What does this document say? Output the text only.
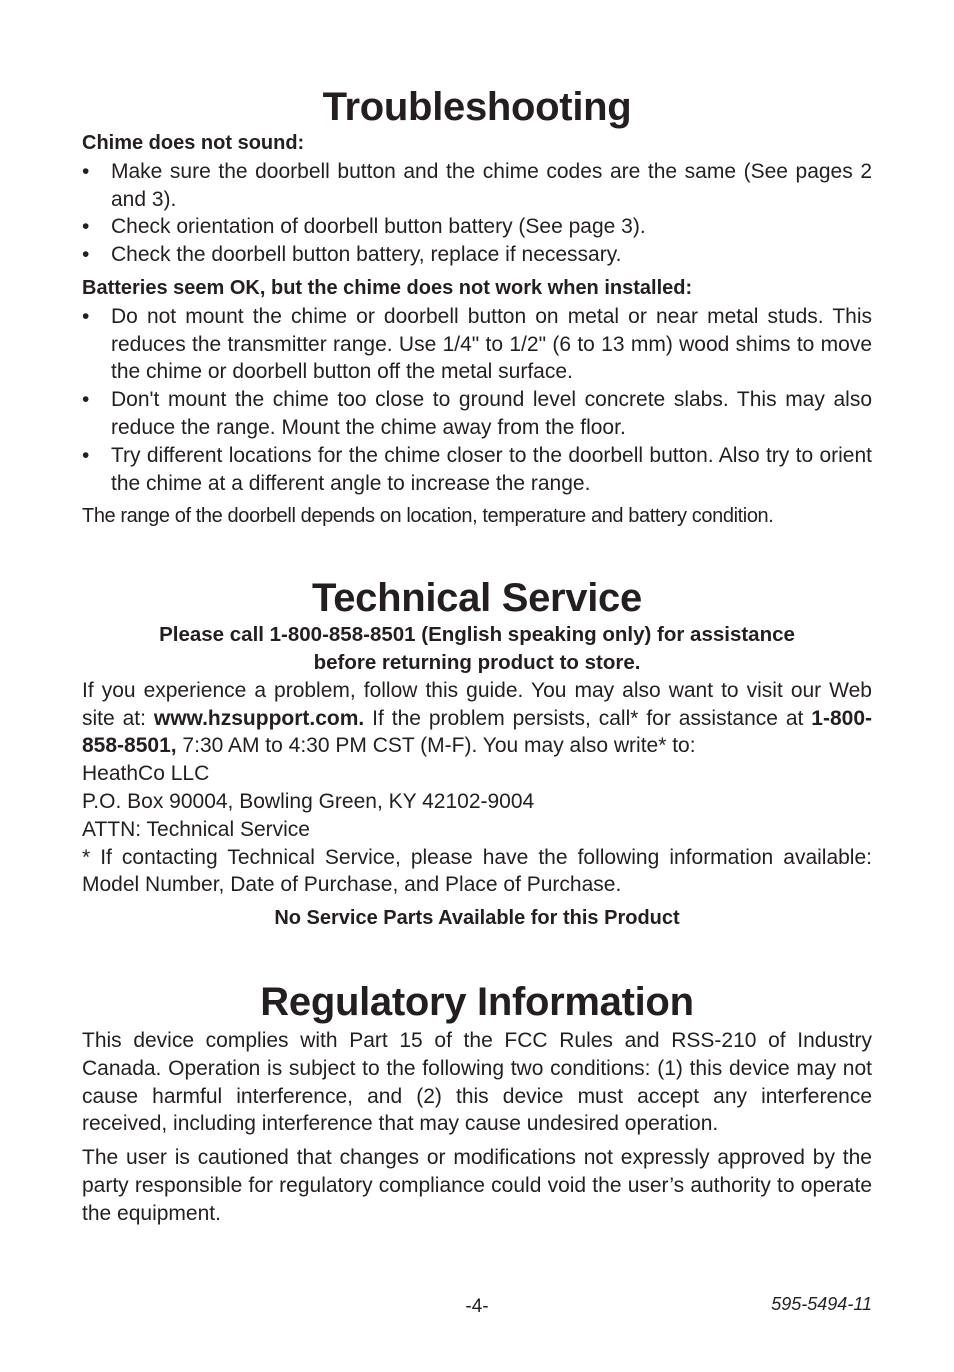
Troubleshooting

Chime does not sound:

• Make sure the doorbell button and the chime codes are the same (See pages 2 and 3).
• Check orientation of doorbell button battery (See page 3).
• Check the doorbell button battery, replace if necessary.

Batteries seem OK, but the chime does not work when installed:

• Do not mount the chime or doorbell button on metal or near metal studs. This reduces the transmitter range. Use 1/4" to 1/2" (6 to 13 mm) wood shims to move the chime or doorbell button off the metal surface.
• Don't mount the chime too close to ground level concrete slabs. This may also reduce the range. Mount the chime away from the floor.
• Try different locations for the chime closer to the doorbell button. Also try to orient the chime at a different angle to increase the range.

The range of the doorbell depends on location, temperature and battery condition.

Technical Service

Please call 1-800-858-8501 (English speaking only) for assistance

before returning product to store.

If you experience a problem, follow this guide. You may also want to visit our Web site at: www.hzsupport.com. If the problem persists, call* for assistance at 1-800-858-8501, 7:30 AM to 4:30 PM CST (M-F). You may also write* to:

HeathCo LLC

P.O. Box 90004, Bowling Green, KY 42102-9004

ATTN: Technical Service

* If contacting Technical Service, please have the following information available: Model Number, Date of Purchase, and Place of Purchase.

No Service Parts Available for this Product

Regulatory Information

This device complies with Part 15 of the FCC Rules and RSS-210 of Industry Canada. Operation is subject to the following two conditions: (1) this device may not cause harmful interference, and (2) this device must accept any interference received, including interference that may cause undesired operation.

The user is cautioned that changes or modifications not expressly approved by the party responsible for regulatory compliance could void the user’s authority to operate the equipment.

-4-	595-5494-11
